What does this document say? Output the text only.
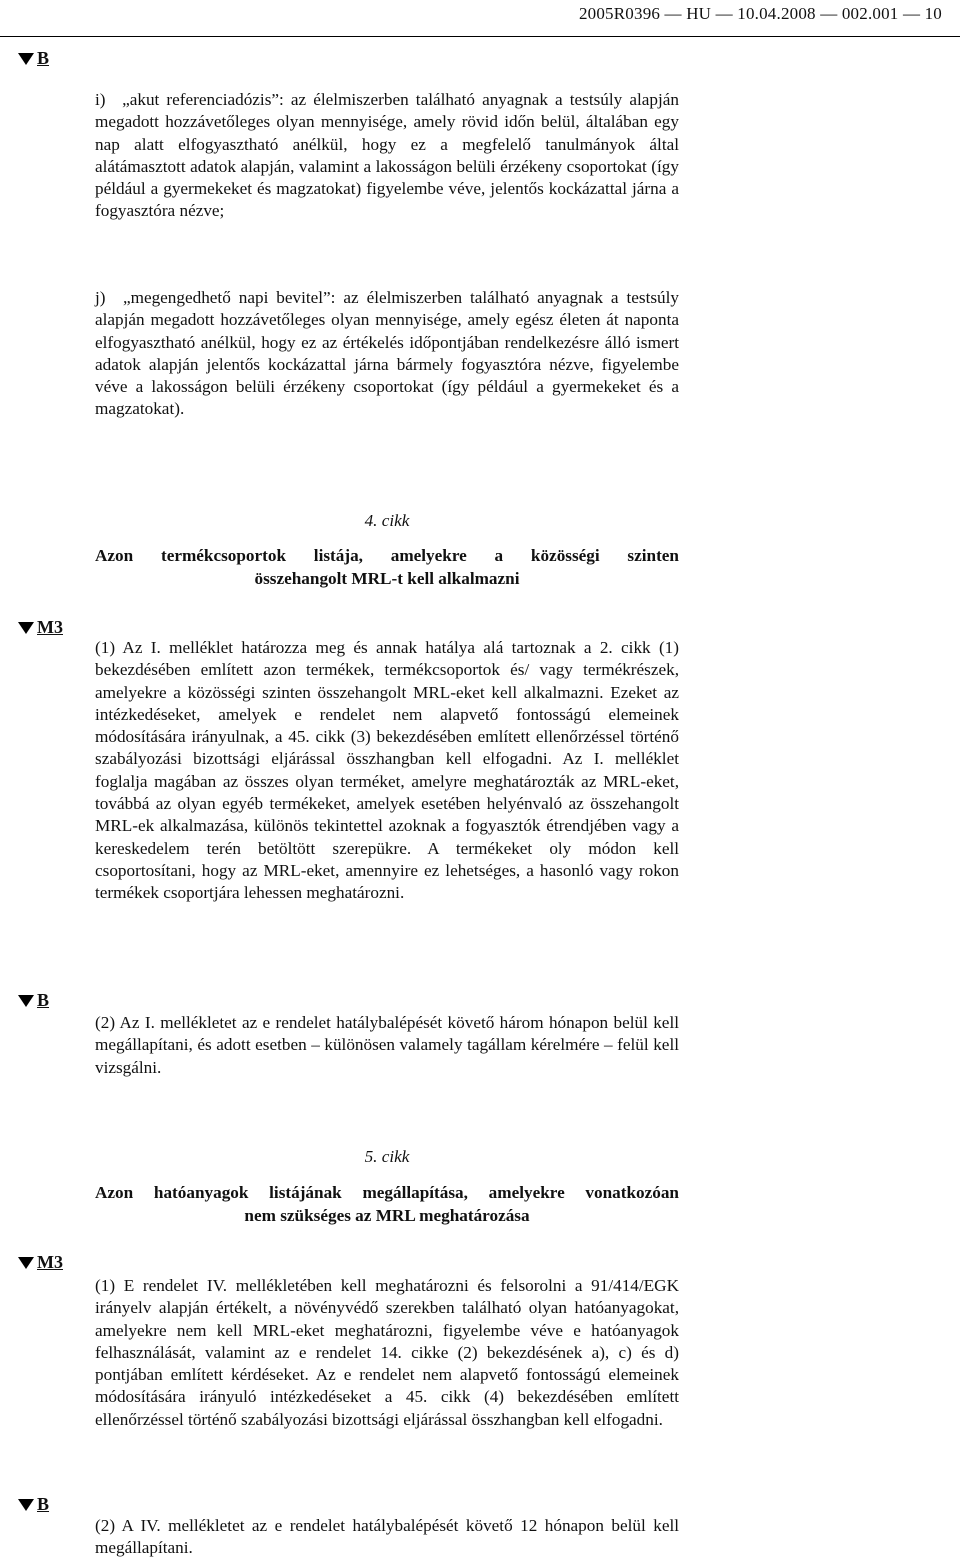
2005R0396 — HU — 10.04.2008 — 002.001 — 10
B
i) „akut referenciadózis”: az élelmiszerben található anyagnak a testsúly alapján megadott hozzávetőleges olyan mennyisége, amely rövid időn belül, általában egy nap alatt elfogyasztható anélkül, hogy ez a megfelelő tanulmányok által alátámasztott adatok alapján, valamint a lakosságon belüli érzékeny csoportokat (így például a gyermekeket és magzatokat) figyelembe véve, jelentős kockázattal járna a fogyasztóra nézve;
j) „megengedhető napi bevitel”: az élelmiszerben található anyagnak a testsúly alapján megadott hozzávetőleges olyan mennyisége, amely egész életen át naponta elfogyasztható anélkül, hogy ez az értékelés időpontjában rendelkezésre álló ismert adatok alapján jelentős kockázattal járna bármely fogyasztóra nézve, figyelembe véve a lakosságon belüli érzékeny csoportokat (így például a gyermekeket és a magzatokat).
4. cikk
Azon termékcsoportok listája, amelyekre a közösségi szinten
összehangolt MRL-t kell alkalmazni
M3
(1) Az I. melléklet határozza meg és annak hatálya alá tartoznak a 2. cikk (1) bekezdésében említett azon termékek, termékcsoportok és/ vagy termékrészek, amelyekre a közösségi szinten összehangolt MRL-eket kell alkalmazni. Ezeket az intézkedéseket, amelyek e rendelet nem alapvető fontosságú elemeinek módosítására irányulnak, a 45. cikk (3) bekezdésében említett ellenőrzéssel történő szabályozási bizottsági eljárással összhangban kell elfogadni. Az I. melléklet foglalja magában az összes olyan terméket, amelyre meghatározták az MRL-eket, továbbá az olyan egyéb termékeket, amelyek esetében helyénvaló az összehangolt MRL-ek alkalmazása, különös tekintettel azoknak a fogyasztók étrendjében vagy a kereskedelem terén betöltött szerepükre. A termékeket oly módon kell csoportosítani, hogy az MRL-eket, amennyire ez lehetséges, a hasonló vagy rokon termékek csoportjára lehessen meghatározni.
B
(2) Az I. mellékletet az e rendelet hatálybalépését követő három hónapon belül kell megállapítani, és adott esetben – különösen valamely tagállam kérelmére – felül kell vizsgálni.
5. cikk
Azon hatóanyagok listájának megállapítása, amelyekre vonatkozóan
nem szükséges az MRL meghatározása
M3
(1) E rendelet IV. mellékletében kell meghatározni és felsorolni a 91/414/EGK irányelv alapján értékelt, a növényvédő szerekben található olyan hatóanyagokat, amelyekre nem kell MRL-eket meghatározni, figyelembe véve e hatóanyagok felhasználását, valamint az e rendelet 14. cikke (2) bekezdésének a), c) és d) pontjában említett kérdéseket. Az e rendelet nem alapvető fontosságú elemeinek módosítására irányuló intézkedéseket a 45. cikk (4) bekezdésében említett ellenőrzéssel történő szabályozási bizottsági eljárással összhangban kell elfogadni.
B
(2) A IV. mellékletet az e rendelet hatálybalépését követő 12 hónapon belül kell megállapítani.
